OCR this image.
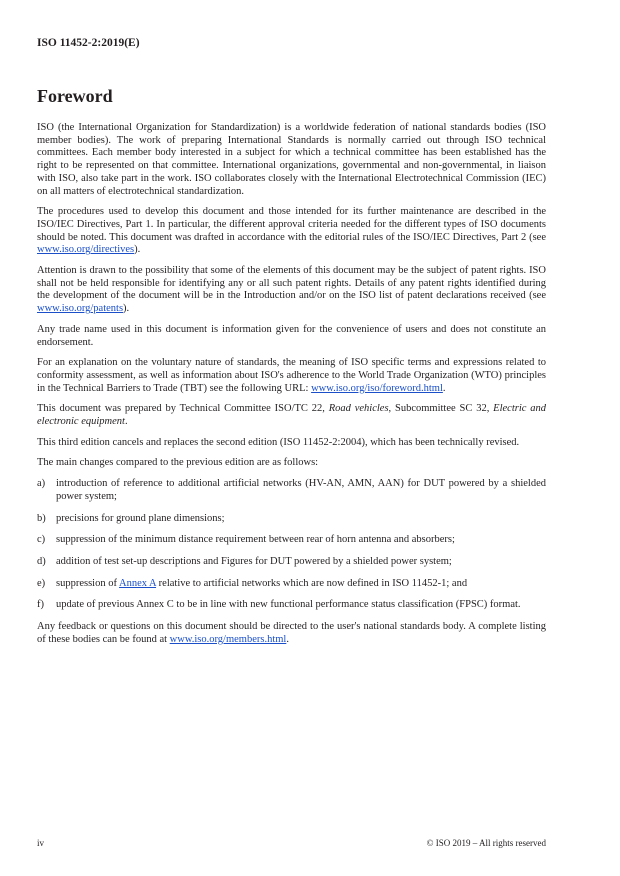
ISO 11452-2:2019(E)
Foreword

ISO (the International Organization for Standardization) is a worldwide federation of national standards bodies (ISO member bodies). The work of preparing International Standards is normally carried out through ISO technical committees. Each member body interested in a subject for which a technical committee has been established has the right to be represented on that committee. International organizations, governmental and non-governmental, in liaison with ISO, also take part in the work. ISO collaborates closely with the International Electrotechnical Commission (IEC) on all matters of electrotechnical standardization.

The procedures used to develop this document and those intended for its further maintenance are described in the ISO/IEC Directives, Part 1. In particular, the different approval criteria needed for the different types of ISO documents should be noted. This document was drafted in accordance with the editorial rules of the ISO/IEC Directives, Part 2 (see www.iso.org/directives).

Attention is drawn to the possibility that some of the elements of this document may be the subject of patent rights. ISO shall not be held responsible for identifying any or all such patent rights. Details of any patent rights identified during the development of the document will be in the Introduction and/or on the ISO list of patent declarations received (see www.iso.org/patents).

Any trade name used in this document is information given for the convenience of users and does not constitute an endorsement.

For an explanation on the voluntary nature of standards, the meaning of ISO specific terms and expressions related to conformity assessment, as well as information about ISO's adherence to the World Trade Organization (WTO) principles in the Technical Barriers to Trade (TBT) see the following URL: www.iso.org/iso/foreword.html.

This document was prepared by Technical Committee ISO/TC 22, Road vehicles, Subcommittee SC 32, Electric and electronic equipment.

This third edition cancels and replaces the second edition (ISO 11452-2:2004), which has been technically revised.

The main changes compared to the previous edition are as follows:

a)	introduction of reference to additional artificial networks (HV-AN, AMN, AAN) for DUT powered by a shielded power system;
b) precisions for ground plane dimensions;
c)	suppression of the minimum distance requirement between rear of horn antenna and absorbers;
d) addition of test set-up descriptions and Figures for DUT powered by a shielded power system;
e)	suppression of Annex A relative to artificial networks which are now defined in ISO 11452-1; and
f)	update of previous Annex C to be in line with new functional performance status classification (FPSC) format.

Any feedback or questions on this document should be directed to the user's national standards body. A complete listing of these bodies can be found at www.iso.org/members.html.

iv	© ISO 2019 – All rights reserved
